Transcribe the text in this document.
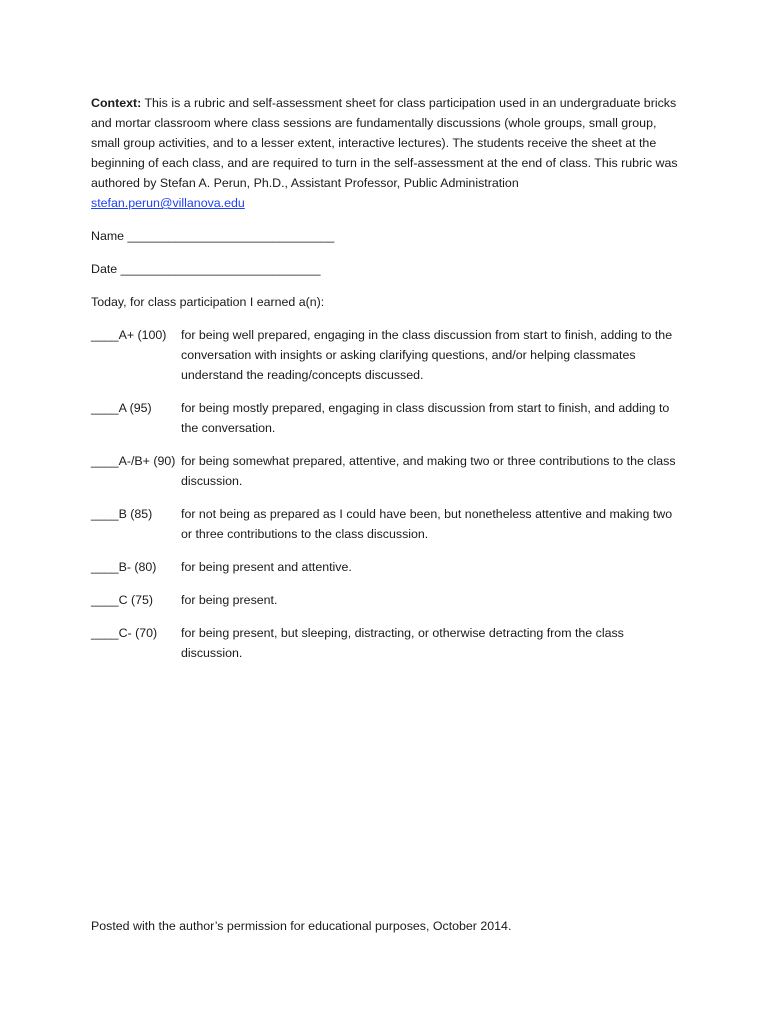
Context: This is a rubric and self-assessment sheet for class participation used in an undergraduate bricks and mortar classroom where class sessions are fundamentally discussions (whole groups, small group, small group activities, and to a lesser extent, interactive lectures). The students receive the sheet at the beginning of each class, and are required to turn in the self-assessment at the end of class. This rubric was authored by Stefan A. Perun, Ph.D., Assistant Professor, Public Administration
stefan.perun@villanova.edu

Name ______________________________

Date _____________________________

Today, for class participation I earned a(n):

____A+ (100)	for being well prepared, engaging in the class discussion from start to finish, adding to the conversation with insights or asking clarifying questions, and/or helping classmates understand the reading/concepts discussed.
____A (95)	for being mostly prepared, engaging in class discussion from start to finish, and adding to the conversation.
____A-/B+ (90) for being somewhat prepared, attentive, and making two or three contributions to the class discussion.
____B (85)	for not being as prepared as I could have been, but nonetheless attentive and making two or three contributions to the class discussion.
____B- (80)	for being present and attentive.
____C (75)	for being present.
____C- (70)	for being present, but sleeping, distracting, or otherwise detracting from the class discussion.

Posted with the author’s permission for educational purposes, October 2014.
